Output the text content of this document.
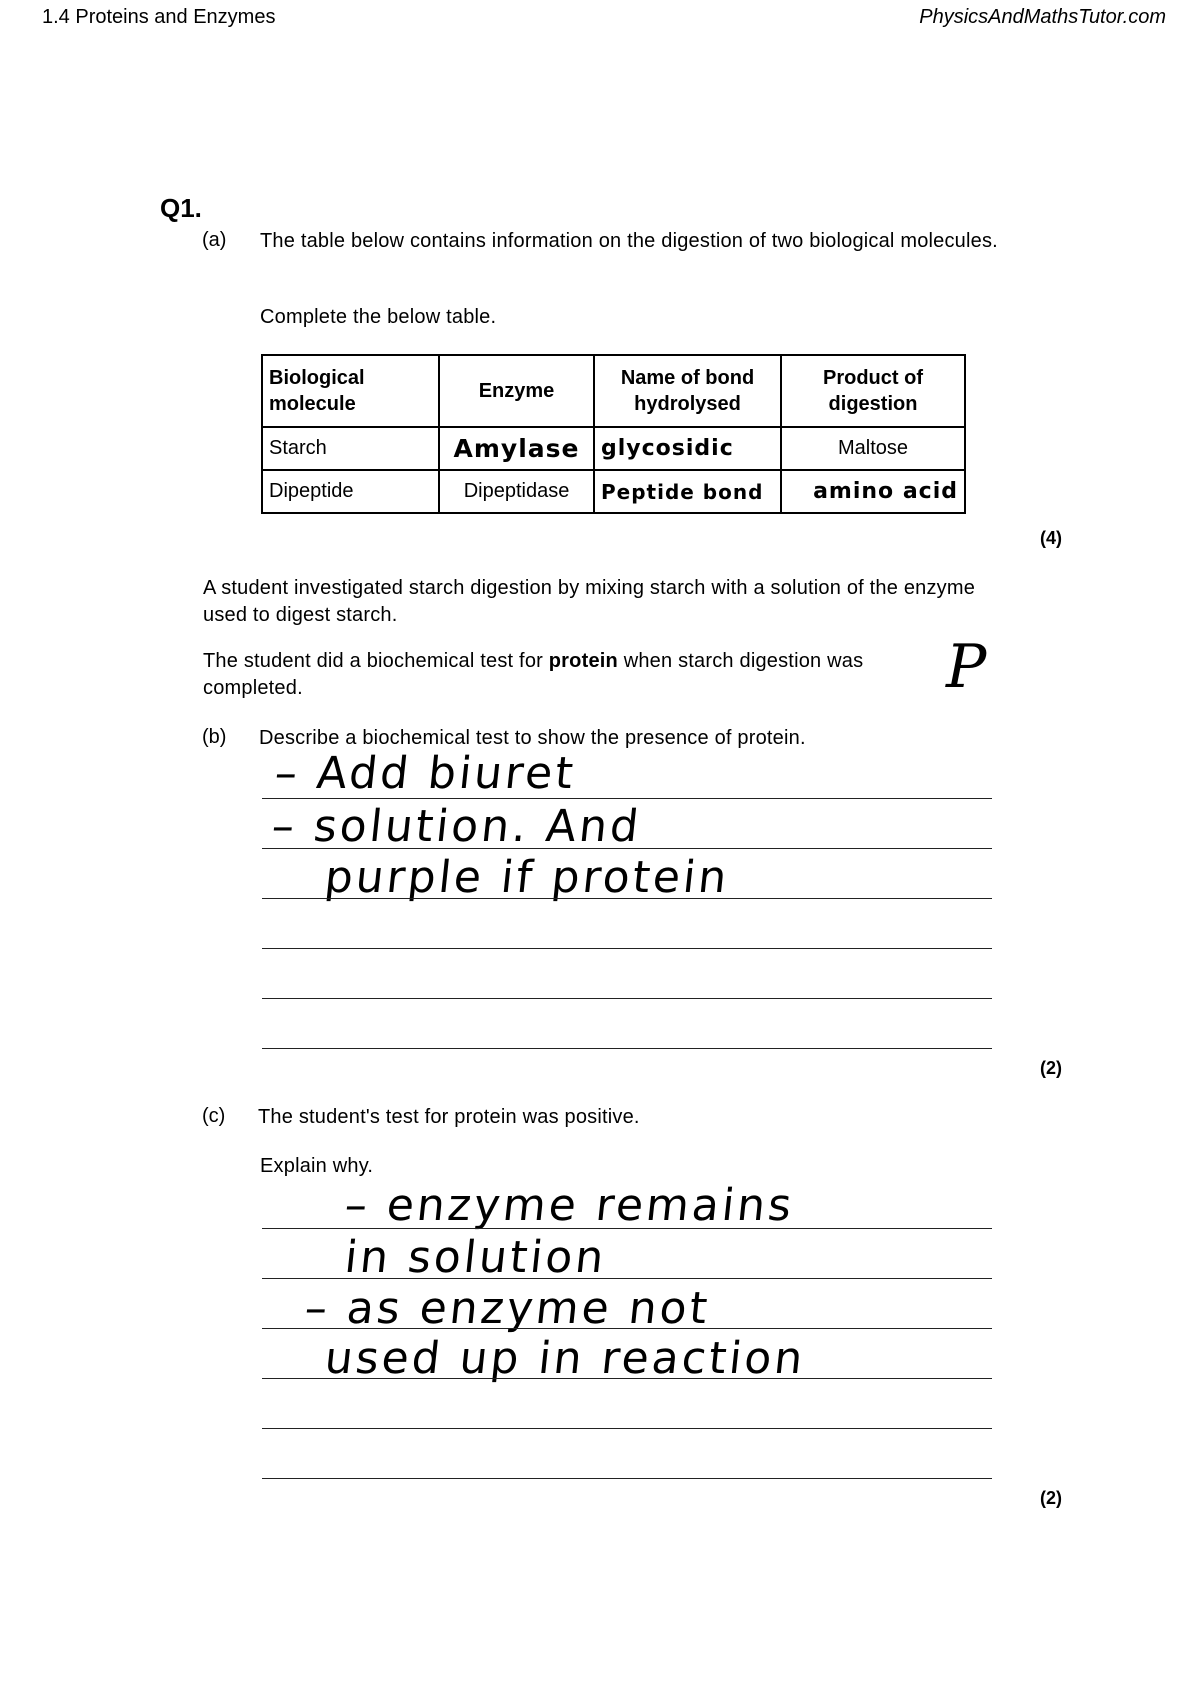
1.4 Proteins and Enzymes	PhysicsAndMathsTutor.com
Q1.
(a) The table below contains information on the digestion of two biological molecules.
Complete the below table.
Biological molecule	Enzyme	Name of bond hydrolysed	Product of digestion
Starch	Amylase	glycosidic	Maltose
Dipeptide	Dipeptidase	Peptide bond	amino acid
(4)
A student investigated starch digestion by mixing starch with a solution of the enzyme used to digest starch.
The student did a biochemical test for protein when starch digestion was completed.	P
(b) Describe a biochemical test to show the presence of protein.
– Add biuret
– solution. And
purple if protein
(2)
(c) The student's test for protein was positive.
Explain why.
– enzyme remains
in solution
– as enzyme not
used up in reaction
(2)
